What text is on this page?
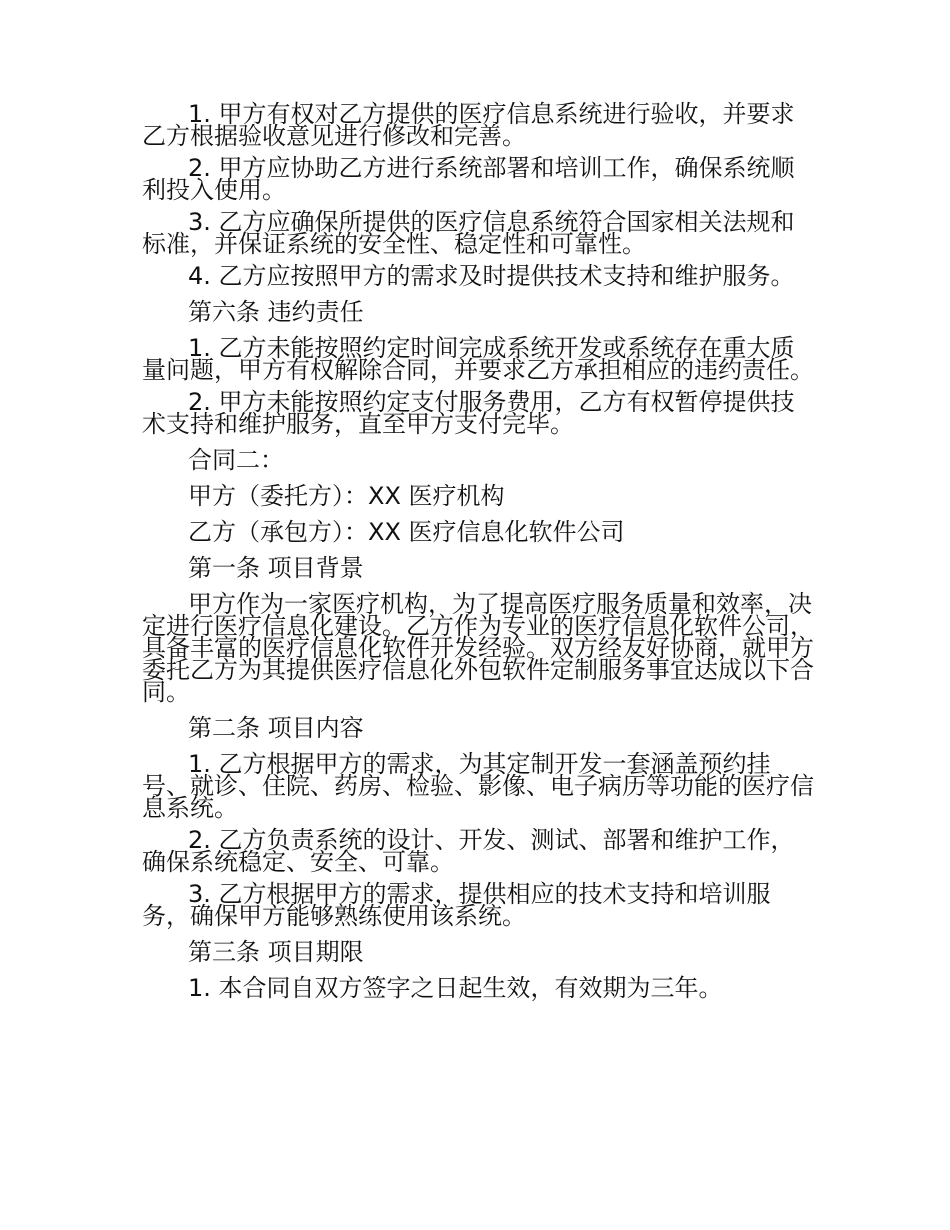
1. 甲方有权对乙方提供的医疗信息系统进行验收，并要求乙方根据验收意见进行修改和完善。

2. 甲方应协助乙方进行系统部署和培训工作，确保系统顺利投入使用。

3. 乙方应确保所提供的医疗信息系统符合国家相关法规和标准，并保证系统的安全性、稳定性和可靠性。

4. 乙方应按照甲方的需求及时提供技术支持和维护服务。

第六条 违约责任

1. 乙方未能按照约定时间完成系统开发或系统存在重大质量问题，甲方有权解除合同，并要求乙方承担相应的违约责任。

2. 甲方未能按照约定支付服务费用，乙方有权暂停提供技术支持和维护服务，直至甲方支付完毕。

合同二：

甲方（委托方）：XX 医疗机构

乙方（承包方）：XX 医疗信息化软件公司

第一条 项目背景

甲方作为一家医疗机构，为了提高医疗服务质量和效率，决定进行医疗信息化建设。乙方作为专业的医疗信息化软件公司，具备丰富的医疗信息化软件开发经验。双方经友好协商，就甲方委托乙方为其提供医疗信息化外包软件定制服务事宜达成以下合同。

第二条 项目内容

1. 乙方根据甲方的需求，为其定制开发一套涵盖预约挂号、就诊、住院、药房、检验、影像、电子病历等功能的医疗信息系统。

2. 乙方负责系统的设计、开发、测试、部署和维护工作，确保系统稳定、安全、可靠。

3. 乙方根据甲方的需求，提供相应的技术支持和培训服务，确保甲方能够熟练使用该系统。

第三条 项目期限

1. 本合同自双方签字之日起生效，有效期为三年。
